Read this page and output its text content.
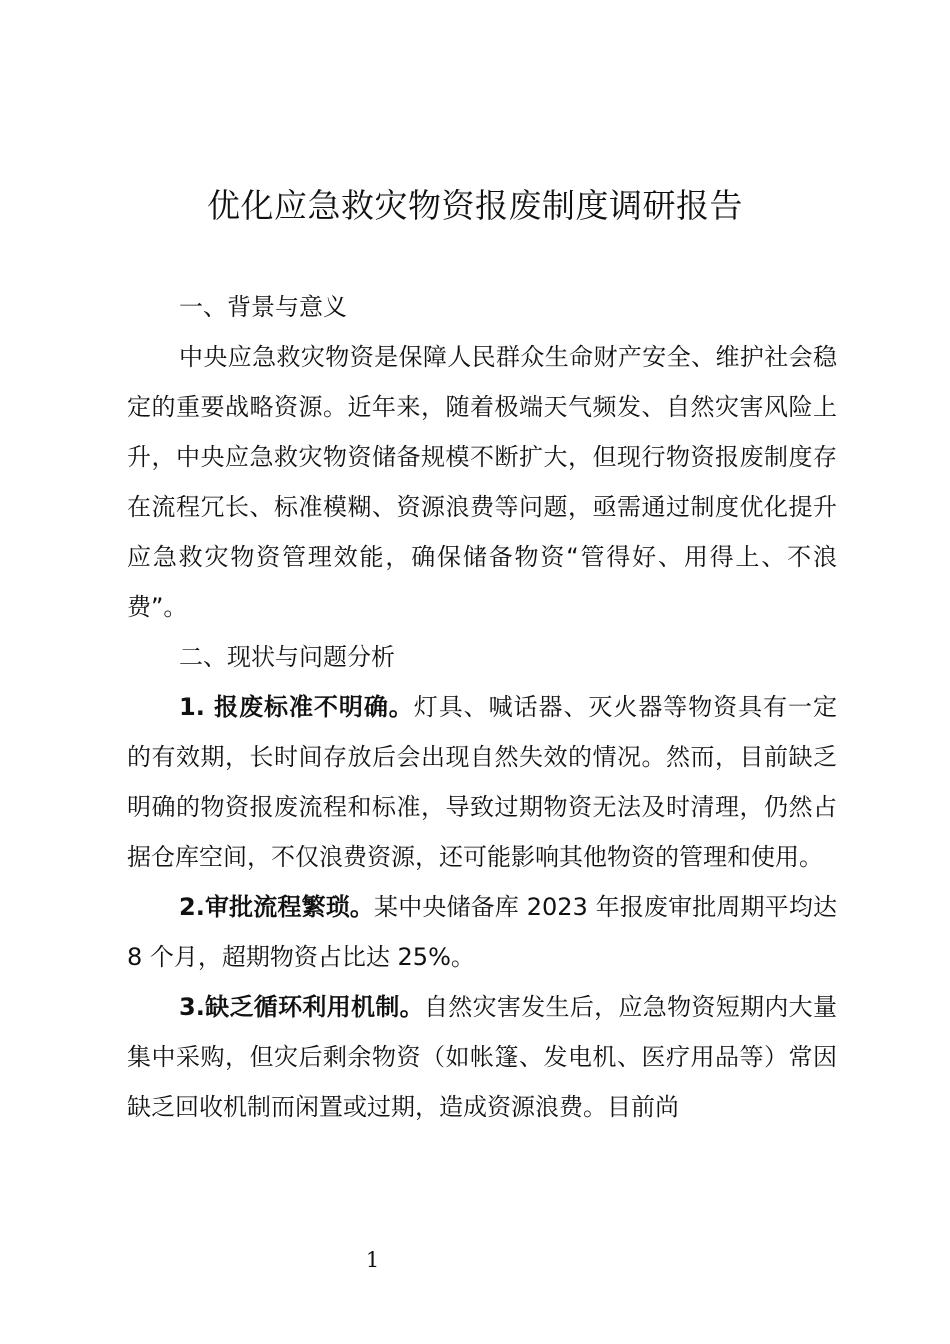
优化应急救灾物资报废制度调研报告

一、背景与意义

中央应急救灾物资是保障人民群众生命财产安全、维护社会稳定的重要战略资源。近年来，随着极端天气频发、自然灾害风险上升，中央应急救灾物资储备规模不断扩大，但现行物资报废制度存在流程冗长、标准模糊、资源浪费等问题，亟需通过制度优化提升应急救灾物资管理效能，确保储备物资“管得好、用得上、不浪费”。

二、现状与问题分析

1. 报废标准不明确。灯具、喊话器、灭火器等物资具有一定的有效期，长时间存放后会出现自然失效的情况。然而，目前缺乏明确的物资报废流程和标准，导致过期物资无法及时清理，仍然占据仓库空间，不仅浪费资源，还可能影响其他物资的管理和使用。

2.审批流程繁琐。某中央储备库 2023 年报废审批周期平均达 8 个月，超期物资占比达 25%。

3.缺乏循环利用机制。自然灾害发生后，应急物资短期内大量集中采购，但灾后剩余物资（如帐篷、发电机、医疗用品等）常因缺乏回收机制而闲置或过期，造成资源浪费。目前尚

1
